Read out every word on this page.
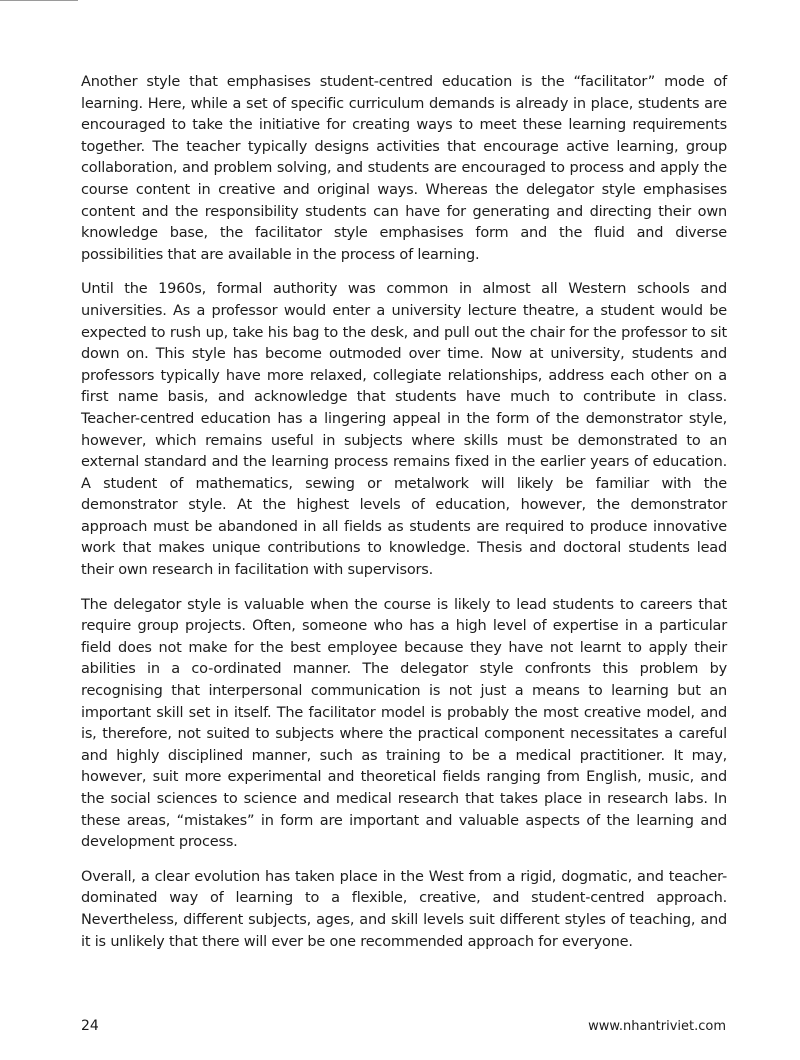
Another style that emphasises student-centred education is the “facilitator” mode of learning. Here, while a set of specific curriculum demands is already in place, students are encouraged to take the initiative for creating ways to meet these learning requirements together. The teacher typically designs activities that encourage active learning, group collaboration, and problem solving, and students are encouraged to process and apply the course content in creative and original ways. Whereas the delegator style emphasises content and the responsibility students can have for generating and directing their own knowledge base, the facilitator style emphasises form and the fluid and diverse possibilities that are available in the process of learning.

Until the 1960s, formal authority was common in almost all Western schools and universities. As a professor would enter a university lecture theatre, a student would be expected to rush up, take his bag to the desk, and pull out the chair for the professor to sit down on. This style has become outmoded over time. Now at university, students and professors typically have more relaxed, collegiate relationships, address each other on a first name basis, and acknowledge that students have much to contribute in class. Teacher-centred education has a lingering appeal in the form of the demonstrator style, however, which remains useful in subjects where skills must be demonstrated to an external standard and the learning process remains fixed in the earlier years of education. A student of mathematics, sewing or metalwork will likely be familiar with the demonstrator style. At the highest levels of education, however, the demonstrator approach must be abandoned in all fields as students are required to produce innovative work that makes unique contributions to knowledge. Thesis and doctoral students lead their own research in facilitation with supervisors.

The delegator style is valuable when the course is likely to lead students to careers that require group projects. Often, someone who has a high level of expertise in a particular field does not make for the best employee because they have not learnt to apply their abilities in a co-ordinated manner. The delegator style confronts this problem by recognising that interpersonal communication is not just a means to learning but an important skill set in itself. The facilitator model is probably the most creative model, and is, therefore, not suited to subjects where the practical component necessitates a careful and highly disciplined manner, such as training to be a medical practitioner. It may, however, suit more experimental and theoretical fields ranging from English, music, and the social sciences to science and medical research that takes place in research labs. In these areas, “mistakes” in form are important and valuable aspects of the learning and development process.

Overall, a clear evolution has taken place in the West from a rigid, dogmatic, and teacher-dominated way of learning to a flexible, creative, and student-centred approach. Nevertheless, different subjects, ages, and skill levels suit different styles of teaching, and it is unlikely that there will ever be one recommended approach for everyone.

24	www.nhantriviet.com
